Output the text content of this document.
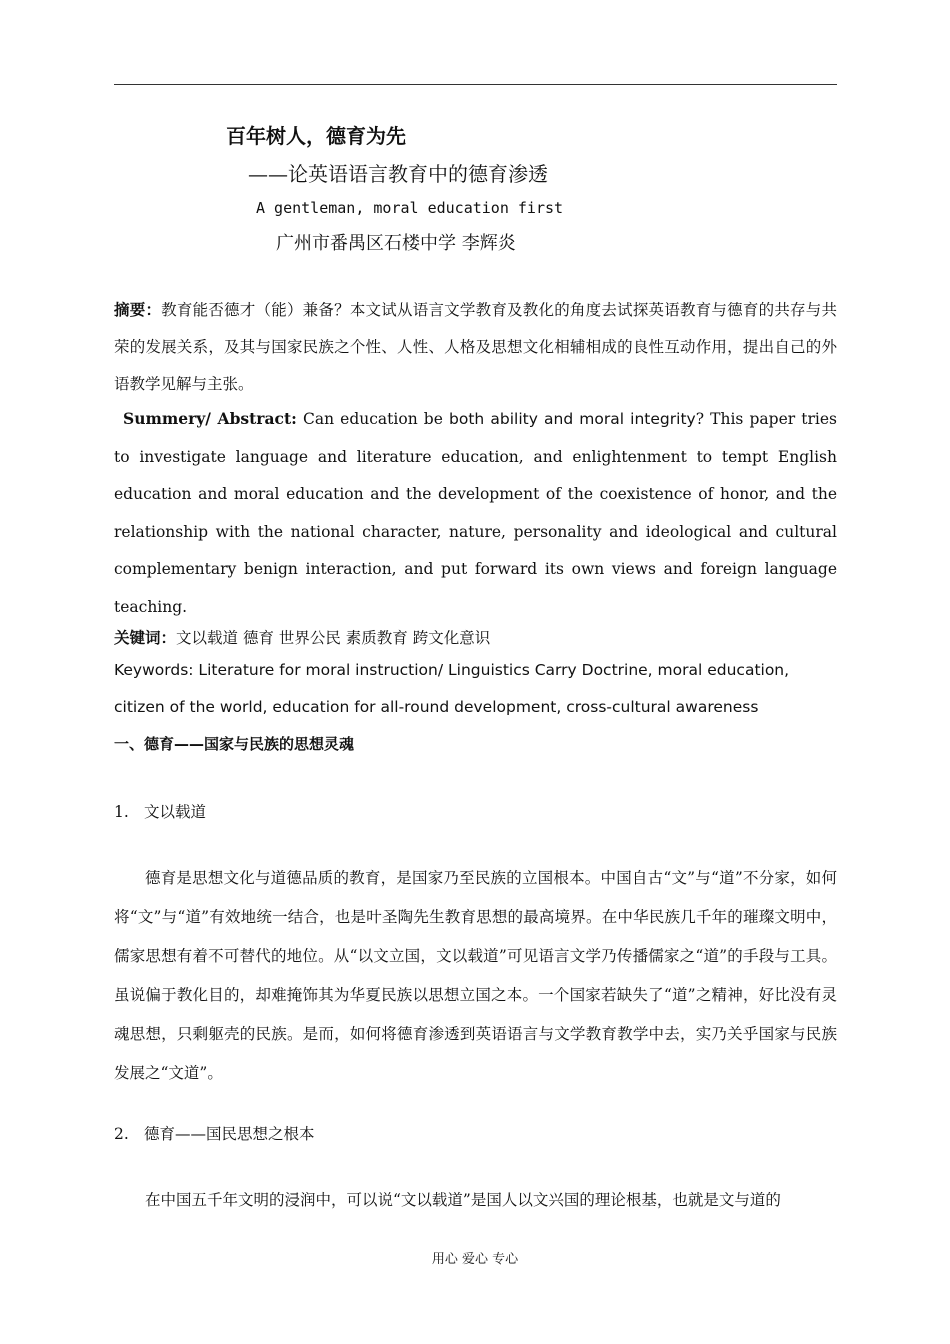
百年树人，德育为先
——论英语语言教育中的德育渗透
A gentleman, moral education first
广州市番禺区石楼中学 李辉炎
摘要：教育能否德才（能）兼备？本文试从语言文学教育及教化的角度去试探英语教育与德育的共存与共荣的发展关系，及其与国家民族之个性、人性、人格及思想文化相辅相成的良性互动作用，提出自己的外语教学见解与主张。
Summery/ Abstract: Can education be both ability and moral integrity? This paper tries to investigate language and literature education, and enlightenment to tempt English education and moral education and the development of the coexistence of honor, and the relationship with the national character, nature, personality and ideological and cultural complementary benign interaction, and put forward its own views and foreign language teaching.
关键词：文以载道 德育 世界公民 素质教育 跨文化意识
Keywords: Literature for moral instruction/ Linguistics Carry Doctrine, moral education, citizen of the world, education for all-round development, cross-cultural awareness
一、德育——国家与民族的思想灵魂
1. 文以载道
德育是思想文化与道德品质的教育，是国家乃至民族的立国根本。中国自古“文”与“道”不分家，如何将“文”与“道”有效地统一结合，也是叶圣陶先生教育思想的最高境界。在中华民族几千年的璀璨文明中，儒家思想有着不可替代的地位。从“以文立国，文以载道”可见语言文学乃传播儒家之“道”的手段与工具。虽说偏于教化目的，却难掩饰其为华夏民族以思想立国之本。一个国家若缺失了“道”之精神，好比没有灵魂思想，只剩躯壳的民族。是而，如何将德育渗透到英语语言与文学教育教学中去，实乃关乎国家与民族发展之“文道”。
2. 德育——国民思想之根本
在中国五千年文明的浸润中，可以说“文以载道”是国人以文兴国的理论根基，也就是文与道的
用心 爱心 专心
